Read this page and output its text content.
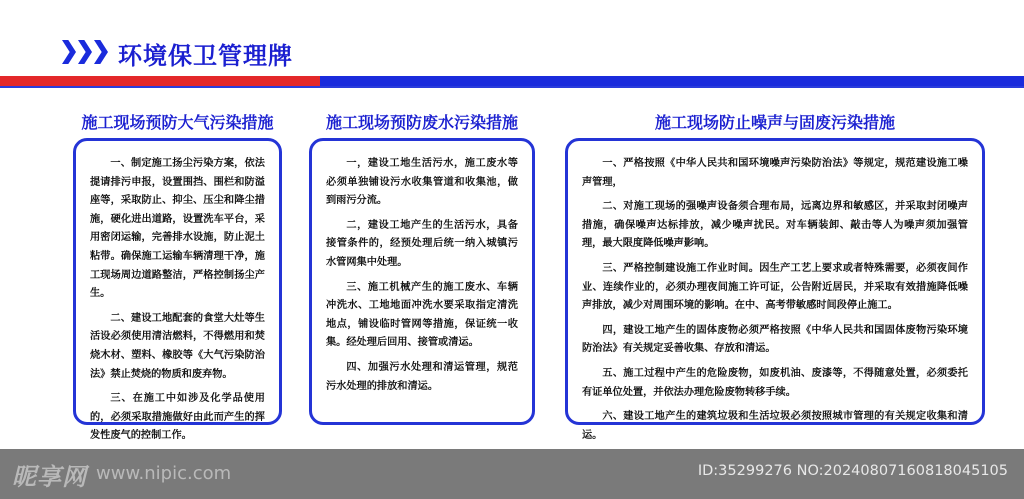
环境保卫管理牌
施工现场预防大气污染措施	施工现场预防废水污染措施	施工现场防止噪声与固废污染措施

一、制定施工扬尘污染方案，依法提请排污申报，设置围挡、围栏和防溢座等，采取防止、抑尘、压尘和降尘措施，硬化进出道路，设置洗车平台，采用密闭运输，完善排水设施，防止泥土粘带。确保施工运输车辆清理干净，施工现场周边道路整洁，严格控制扬尘产生。

二、建设工地配套的食堂大灶等生活设必须使用清洁燃料，不得燃用和焚烧木材、塑料、橡胶等《大气污染防治法》禁止焚烧的物质和废弃物。

三、在施工中如涉及化学品使用的，必须采取措施做好由此而产生的挥发性废气的控制工作。

一，建设工地生活污水，施工废水等必须单独铺设污水收集管道和收集池，做到雨污分流。

二，建设工地产生的生活污水，具备接管条件的，经预处理后统一纳入城镇污水管网集中处理。

三、施工机械产生的施工废水、车辆冲洗水、工地地面冲洗水要采取指定清洗地点，铺设临时管网等措施，保证统一收集。经处理后回用、接管或清运。

四、加强污水处理和清运管理，规范污水处理的排放和清运。

一、严格按照《中华人民共和国环境噪声污染防治法》等规定，规范建设施工噪声管理，

二、对施工现场的强噪声设备须合理布局，远离边界和敏感区，并采取封闭噪声措施，确保噪声达标排放，减少噪声扰民。对车辆装卸、敲击等人为噪声须加强管理，最大限度降低噪声影响。

三、严格控制建设施工作业时间。因生产工艺上要求或者特殊需要，必须夜间作业、连续作业的，必须办理夜间施工许可证，公告附近居民，并采取有效措施降低噪声排放，减少对周围环境的影响。在中、高考带敏感时间段停止施工。

四，建设工地产生的固体废物必须严格按照《中华人民共和国固体废物污染环境防治法》有关规定妥善收集、存放和清运。

五、施工过程中产生的危险废物，如废机油、废漆等，不得随意处置，必须委托有证单位处置，并依法办理危险废物转移手续。

六、建设工地产生的建筑垃圾和生活垃圾必须按照城市管理的有关规定收集和清运。

昵享网 www.nipic.com	ID:35299276 NO:20240807160818045105
